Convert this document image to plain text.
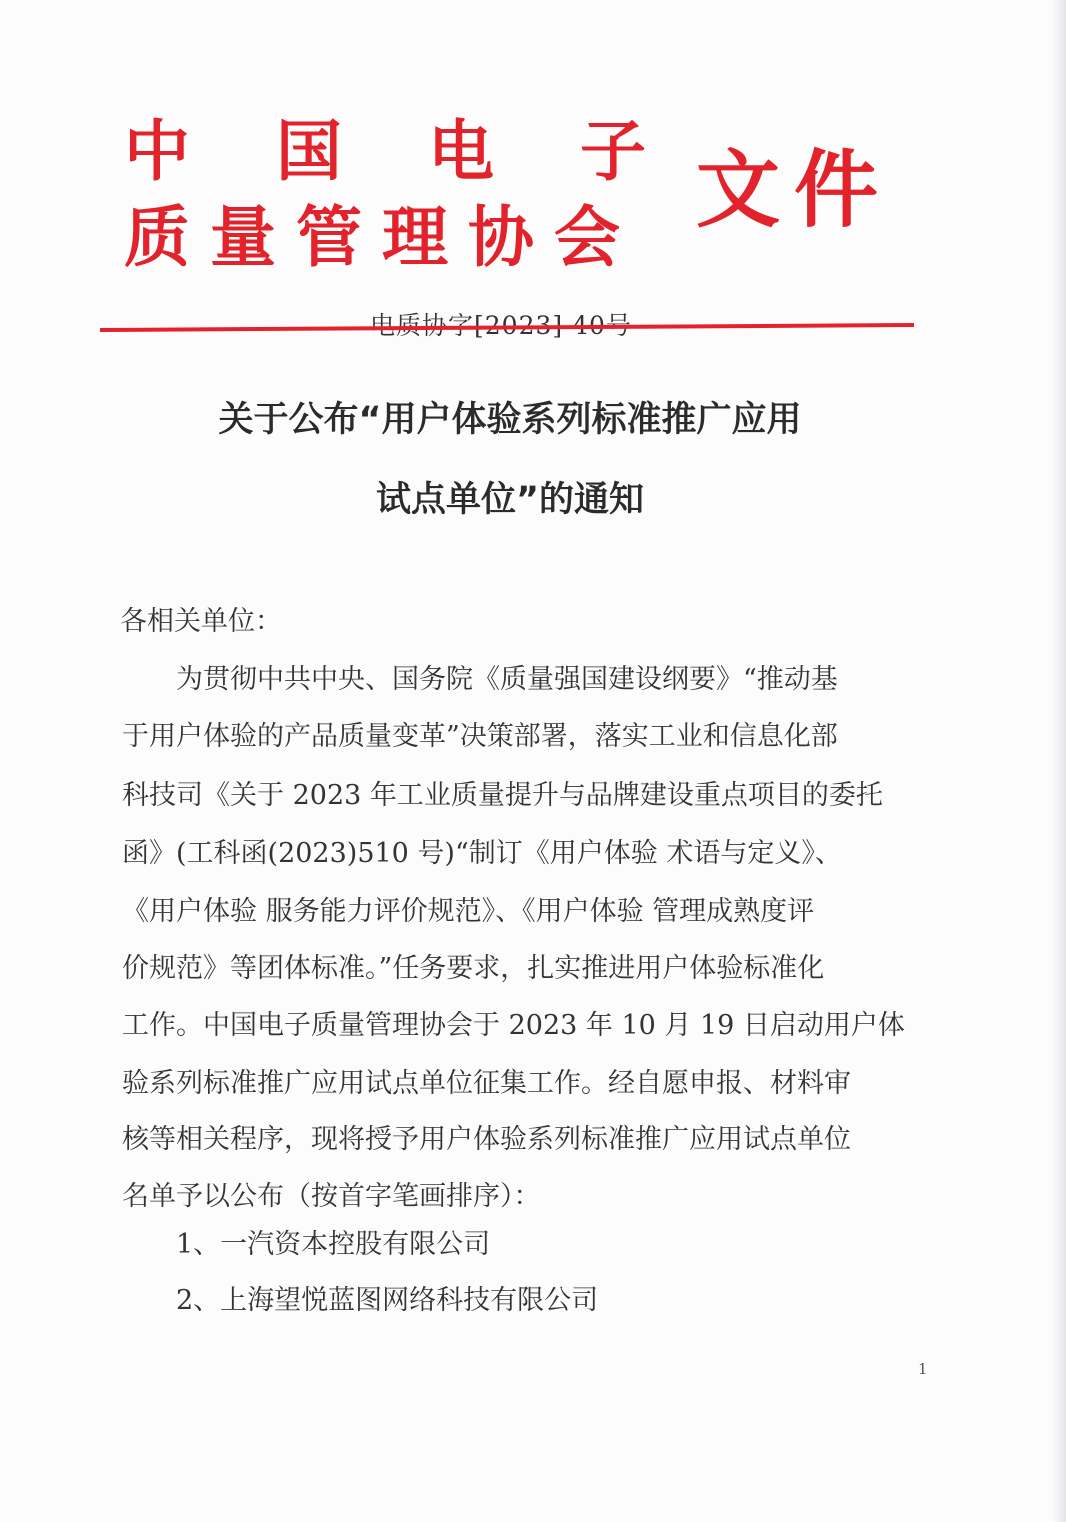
中国电子
质量管理协会 文件
关于公布“用户体验系列标准推广应用
试点单位”的通知
各相关单位：
为贯彻中共中央、国务院《质量强国建设纲要》“推动基
于用户体验的产品质量变革”决策部署，落实工业和信息化部
科技司《关于 2023 年工业质量提升与品牌建设重点项目的委托
函》(工科函(2023)510 号)“制订《用户体验 术语与定义》、
《用户体验 服务能力评价规范》、《用户体验 管理成熟度评
价规范》等团体标准。”任务要求，扎实推进用户体验标准化
工作。中国电子质量管理协会于 2023 年 10 月 19 日启动用户体
验系列标准推广应用试点单位征集工作。经自愿申报、材料审
核等相关程序，现将授予用户体验系列标准推广应用试点单位
名单予以公布（按首字笔画排序）：
1、一汽资本控股有限公司
2、上海望悦蓝图网络科技有限公司
1
